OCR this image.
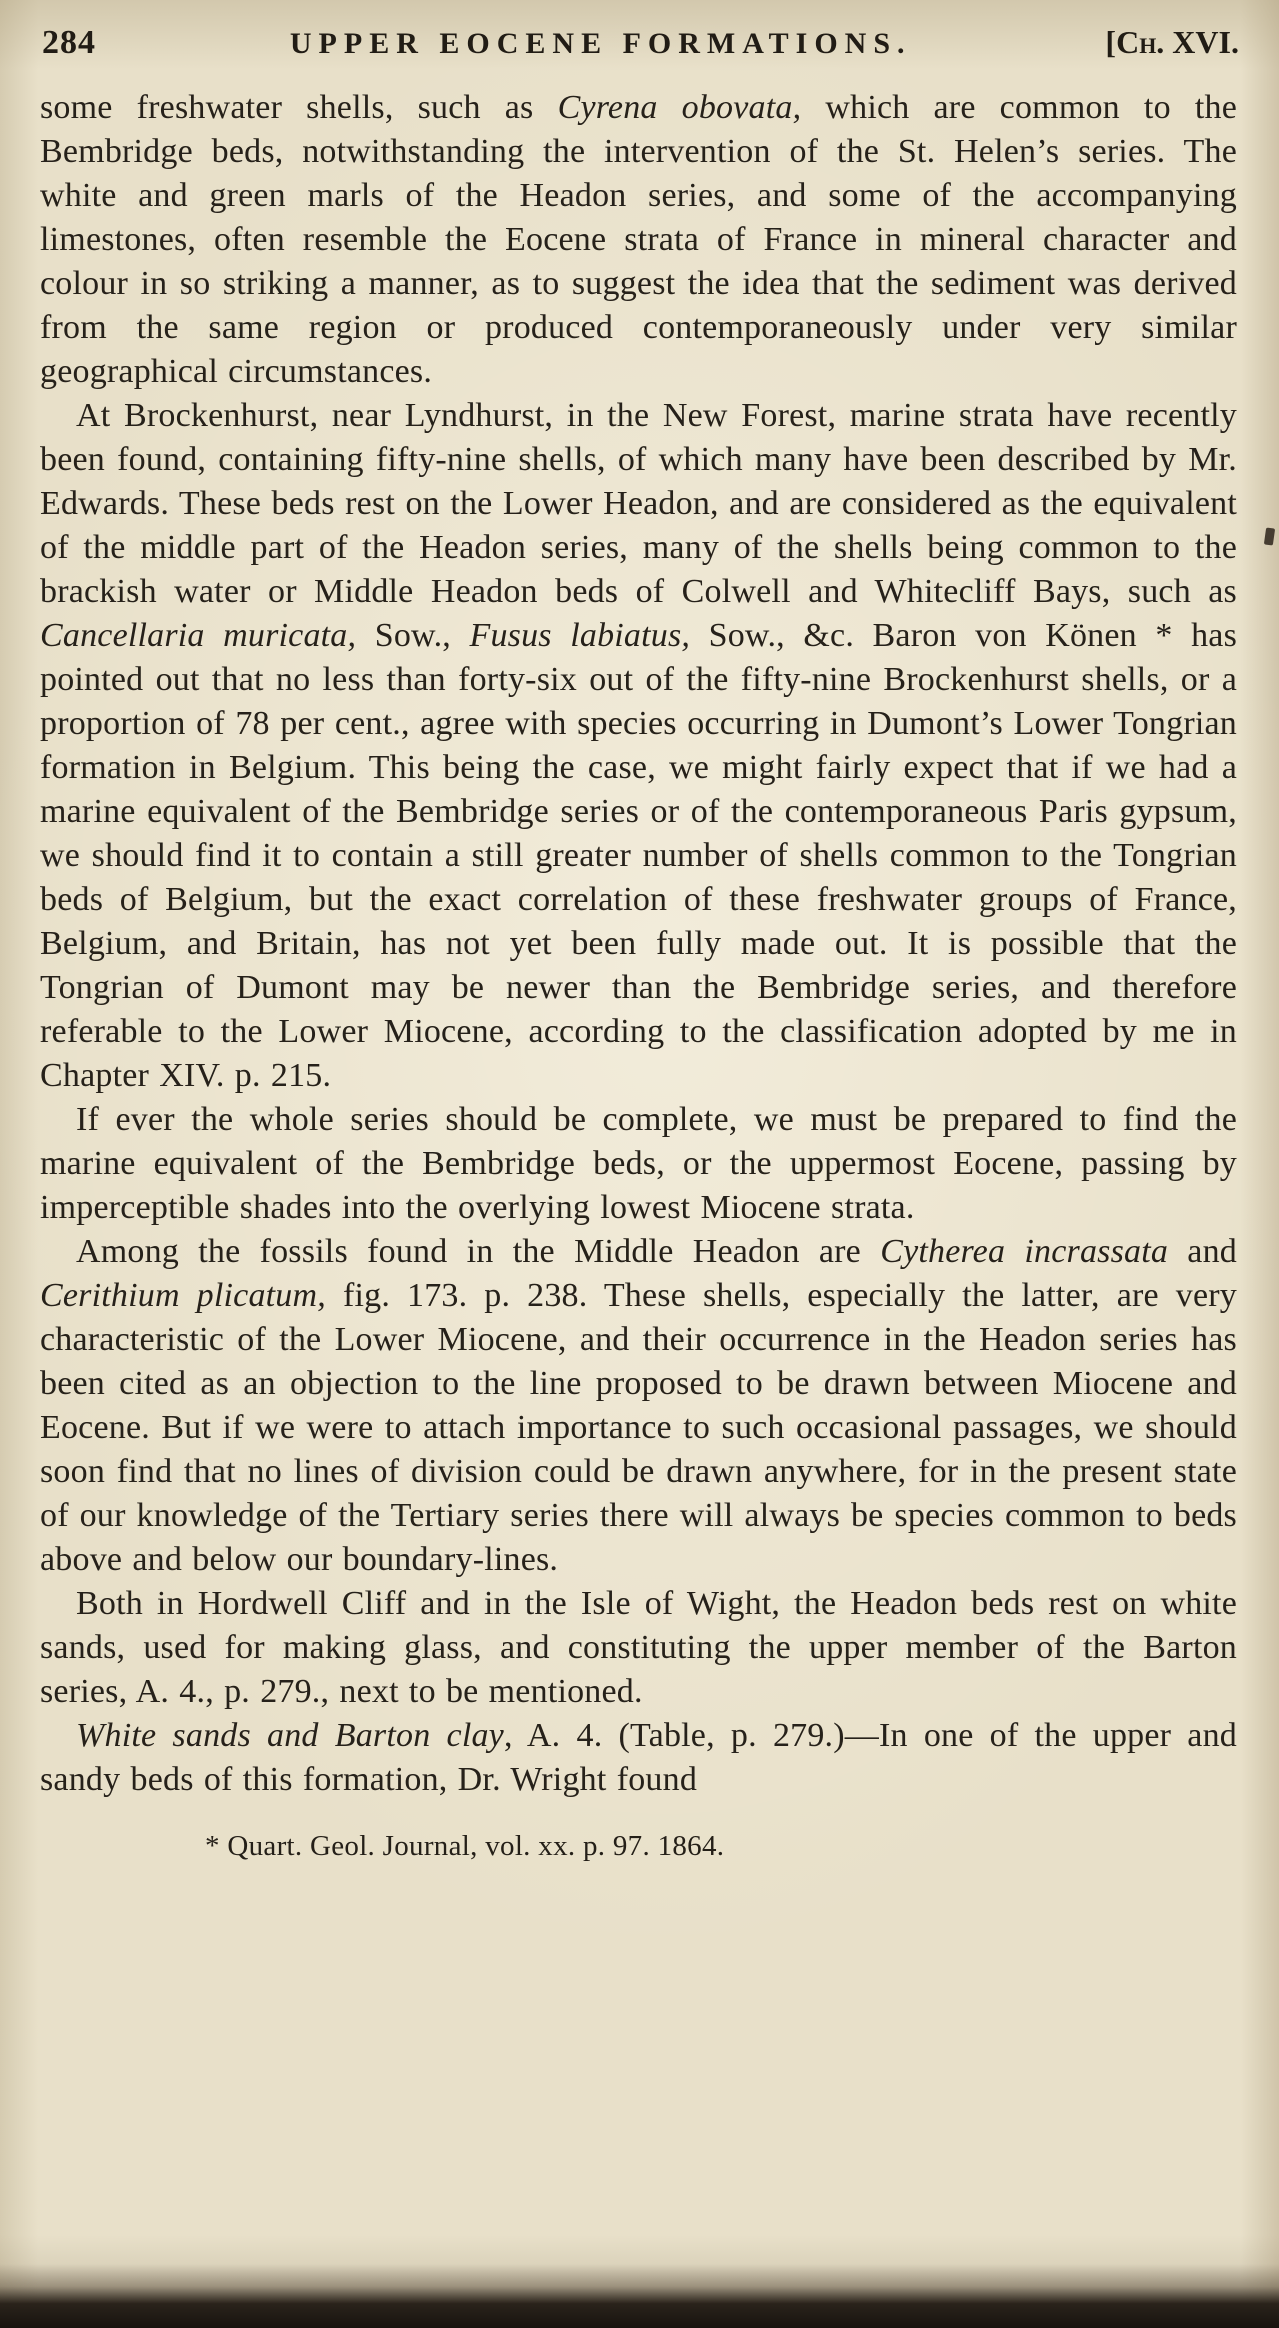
284	UPPER EOCENE FORMATIONS.	[Ch. XVI.

some freshwater shells, such as Cyrena obovata, which are common to the Bembridge beds, notwithstanding the intervention of the St. Helen’s series. The white and green marls of the Headon series, and some of the accompanying limestones, often resemble the Eocene strata of France in mineral character and colour in so striking a manner, as to suggest the idea that the sediment was derived from the same region or produced contemporaneously under very similar geographical circumstances.

At Brockenhurst, near Lyndhurst, in the New Forest, marine strata have recently been found, containing fifty-nine shells, of which many have been described by Mr. Edwards. These beds rest on the Lower Headon, and are considered as the equivalent of the middle part of the Headon series, many of the shells being common to the brackish water or Middle Headon beds of Colwell and Whitecliff Bays, such as Cancellaria muricata, Sow., Fusus labiatus, Sow., &c. Baron von Könen * has pointed out that no less than forty-six out of the fifty-nine Brockenhurst shells, or a proportion of 78 per cent., agree with species occurring in Dumont’s Lower Tongrian formation in Belgium. This being the case, we might fairly expect that if we had a marine equivalent of the Bembridge series or of the contemporaneous Paris gypsum, we should find it to contain a still greater number of shells common to the Tongrian beds of Belgium, but the exact correlation of these freshwater groups of France, Belgium, and Britain, has not yet been fully made out. It is possible that the Tongrian of Dumont may be newer than the Bembridge series, and therefore referable to the Lower Miocene, according to the classification adopted by me in Chapter XIV. p. 215.

If ever the whole series should be complete, we must be prepared to find the marine equivalent of the Bembridge beds, or the uppermost Eocene, passing by imperceptible shades into the overlying lowest Miocene strata.

Among the fossils found in the Middle Headon are Cytherea incrassata and Cerithium plicatum, fig. 173. p. 238. These shells, especially the latter, are very characteristic of the Lower Miocene, and their occurrence in the Headon series has been cited as an objection to the line proposed to be drawn between Miocene and Eocene. But if we were to attach importance to such occasional passages, we should soon find that no lines of division could be drawn anywhere, for in the present state of our knowledge of the Tertiary series there will always be species common to beds above and below our boundary-lines.

Both in Hordwell Cliff and in the Isle of Wight, the Headon beds rest on white sands, used for making glass, and constituting the upper member of the Barton series, A. 4., p. 279., next to be mentioned.

White sands and Barton clay, A. 4. (Table, p. 279.)—In one of the upper and sandy beds of this formation, Dr. Wright found

* Quart. Geol. Journal, vol. xx. p. 97. 1864.
